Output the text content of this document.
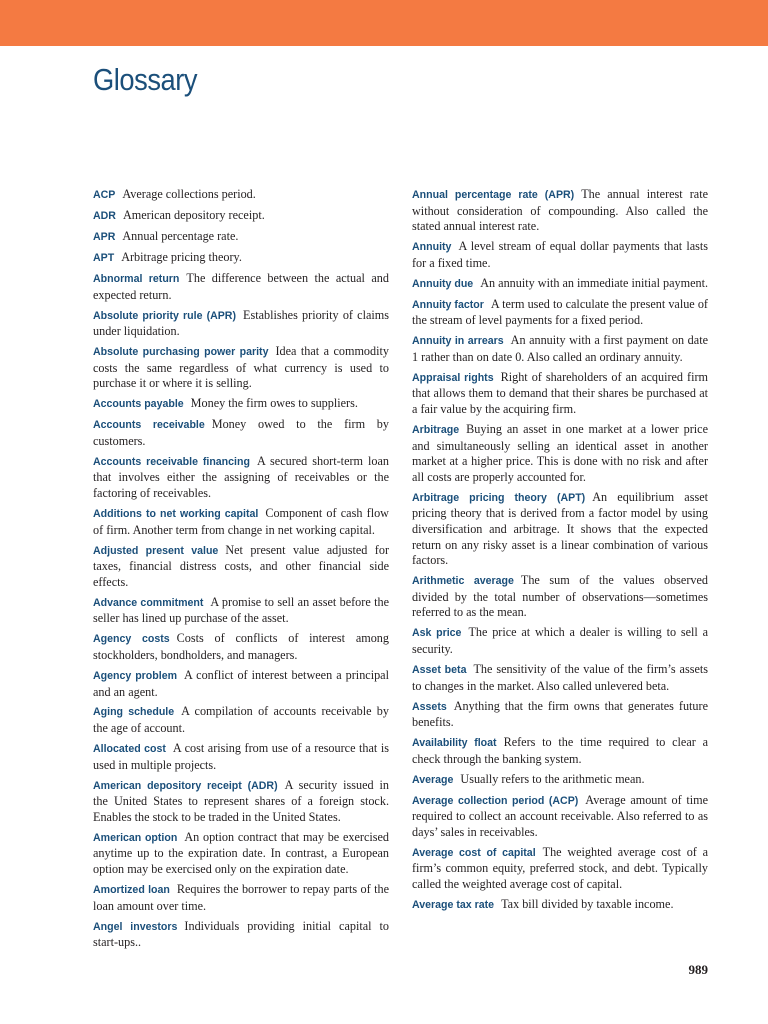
Glossary

ACP Average collections period.

ADR American depository receipt.

APR Annual percentage rate.

APT Arbitrage pricing theory.

Abnormal return The difference between the actual and expected return.

Absolute priority rule (APR) Establishes priority of claims under liquidation.

Absolute purchasing power parity Idea that a commodity costs the same regardless of what currency is used to purchase it or where it is selling.

Accounts payable Money the firm owes to suppliers.

Accounts receivable Money owed to the firm by customers.

Accounts receivable financing A secured short-term loan that involves either the assigning of receivables or the factoring of receivables.

Additions to net working capital Component of cash flow of firm. Another term from change in net working capital.

Adjusted present value Net present value adjusted for taxes, financial distress costs, and other financial side effects.

Advance commitment A promise to sell an asset before the seller has lined up purchase of the asset.

Agency costs Costs of conflicts of interest among stockholders, bondholders, and managers.

Agency problem A conflict of interest between a principal and an agent.

Aging schedule A compilation of accounts receivable by the age of account.

Allocated cost A cost arising from use of a resource that is used in multiple projects.

American depository receipt (ADR) A security issued in the United States to represent shares of a foreign stock. Enables the stock to be traded in the United States.

American option An option contract that may be exercised anytime up to the expiration date. In contrast, a European option may be exercised only on the expiration date.

Amortized loan Requires the borrower to repay parts of the loan amount over time.

Angel investors Individuals providing initial capital to start-ups..

Annual percentage rate (APR) The annual interest rate without consideration of compounding. Also called the stated annual interest rate.

Annuity A level stream of equal dollar payments that lasts for a fixed time.

Annuity due An annuity with an immediate initial payment.

Annuity factor A term used to calculate the present value of the stream of level payments for a fixed period.

Annuity in arrears An annuity with a first payment on date 1 rather than on date 0. Also called an ordinary annuity.

Appraisal rights Right of shareholders of an acquired firm that allows them to demand that their shares be purchased at a fair value by the acquiring firm.

Arbitrage Buying an asset in one market at a lower price and simultaneously selling an identical asset in another market at a higher price. This is done with no risk and after all costs are properly accounted for.

Arbitrage pricing theory (APT) An equilibrium asset pricing theory that is derived from a factor model by using diversification and arbitrage. It shows that the expected return on any risky asset is a linear combination of various factors.

Arithmetic average The sum of the values observed divided by the total number of observations—sometimes referred to as the mean.

Ask price The price at which a dealer is willing to sell a security.

Asset beta The sensitivity of the value of the firm’s assets to changes in the market. Also called unlevered beta.

Assets Anything that the firm owns that generates future benefits.

Availability float Refers to the time required to clear a check through the banking system.

Average Usually refers to the arithmetic mean.

Average collection period (ACP) Average amount of time required to collect an account receivable. Also referred to as days’ sales in receivables.

Average cost of capital The weighted average cost of a firm’s common equity, preferred stock, and debt. Typically called the weighted average cost of capital.

Average tax rate Tax bill divided by taxable income.

989
